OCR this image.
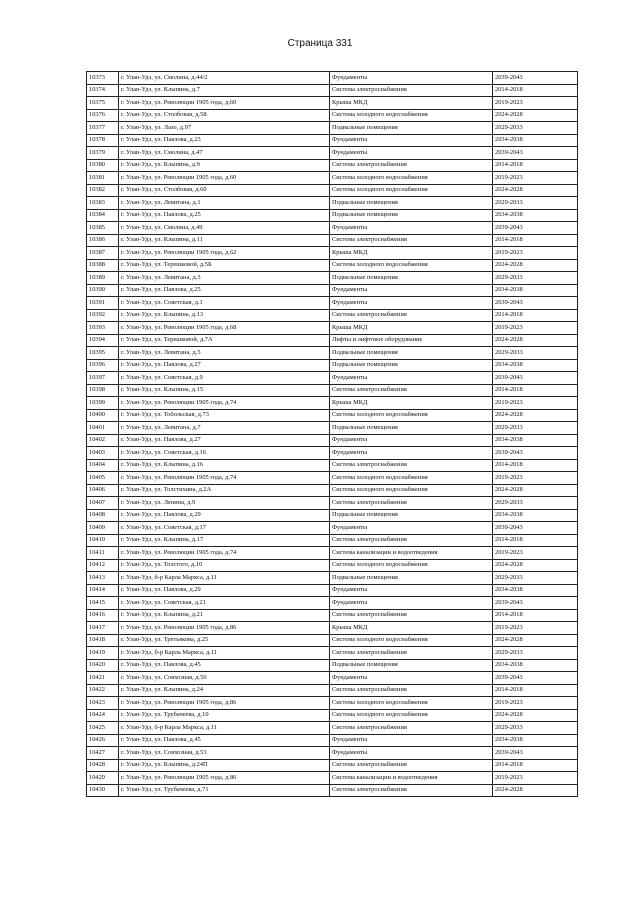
Страница 331
10373	г. Улан-Удэ, ул. Смолина, д.44/2	Фундаменты	2039-2043
10374	г. Улан-Удэ, ул. Клыпина, д.7	Система электроснабжения	2014-2018
10375	г. Улан-Удэ, ул. Революции 1905 года, д.60	Крыша МКД	2019-2023
10376	г. Улан-Удэ, ул. Столбовая, д.58	Система холодного водоснабжения	2024-2028
10377	г. Улан-Удэ, ул. Лазо, д.97	Подвальные помещения	2029-2033
10378	г. Улан-Удэ, ул. Павлова, д.23	Фундаменты	2034-2038
10379	г. Улан-Удэ, ул. Смолина, д.47	Фундаменты	2039-2043
10380	г. Улан-Удэ, ул. Клыпина, д.9	Система электроснабжения	2014-2018
10381	г. Улан-Удэ, ул. Революции 1905 года, д.60	Система холодного водоснабжения	2019-2023
10382	г. Улан-Удэ, ул. Столбовая, д.60	Система холодного водоснабжения	2024-2028
10383	г. Улан-Удэ, ул. Левитана, д.1	Подвальные помещения	2029-2033
10384	г. Улан-Удэ, ул. Павлова, д.25	Подвальные помещения	2034-2038
10385	г. Улан-Удэ, ул. Смолина, д.49	Фундаменты	2039-2043
10386	г. Улан-Удэ, ул. Клыпина, д.11	Система электроснабжения	2014-2018
10387	г. Улан-Удэ, ул. Революции 1905 года, д.62	Крыша МКД	2019-2023
10388	г. Улан-Удэ, ул. Терешковой, д.5Б	Система холодного водоснабжения	2024-2028
10389	г. Улан-Удэ, ул. Левитана, д.3	Подвальные помещения	2029-2033
10390	г. Улан-Удэ, ул. Павлова, д.25	Фундаменты	2034-2038
10391	г. Улан-Удэ, ул. Советская, д.1	Фундаменты	2039-2043
10392	г. Улан-Удэ, ул. Клыпина, д.13	Система электроснабжения	2014-2018
10393	г. Улан-Удэ, ул. Революции 1905 года, д.68	Крыша МКД	2019-2023
10394	г. Улан-Удэ, ул. Терешковой, д.7А	Лифты и лифтовое оборудование	2024-2028
10395	г. Улан-Удэ, ул. Левитана, д.5	Подвальные помещения	2029-2033
10396	г. Улан-Удэ, ул. Павлова, д.27	Подвальные помещения	2034-2038
10397	г. Улан-Удэ, ул. Советская, д.9	Фундаменты	2039-2043
10398	г. Улан-Удэ, ул. Клыпина, д.15	Система электроснабжения	2014-2018
10399	г. Улан-Удэ, ул. Революции 1905 года, д.74	Крыша МКД	2019-2023
10400	г. Улан-Удэ, ул. Тобольская, д.73	Система холодного водоснабжения	2024-2028
10401	г. Улан-Удэ, ул. Левитана, д.7	Подвальные помещения	2029-2033
10402	г. Улан-Удэ, ул. Павлова, д.27	Фундаменты	2034-2038
10403	г. Улан-Удэ, ул. Советская, д.16	Фундаменты	2039-2043
10404	г. Улан-Удэ, ул. Клыпина, д.16	Система электроснабжения	2014-2018
10405	г. Улан-Удэ, ул. Революции 1905 года, д.74	Система холодного водоснабжения	2019-2023
10406	г. Улан-Удэ, ул. Толстихина, д.2А	Система холодного водоснабжения	2024-2028
10407	г. Улан-Удэ, ул. Ленина, д.9	Система электроснабжения	2029-2033
10408	г. Улан-Удэ, ул. Павлова, д.29	Подвальные помещения	2034-2038
10409	г. Улан-Удэ, ул. Советская, д.17	Фундаменты	2039-2043
10410	г. Улан-Удэ, ул. Клыпина, д.17	Система электроснабжения	2014-2018
10411	г. Улан-Удэ, ул. Революции 1905 года, д.74	Система канализации и водоотведения	2019-2023
10412	г. Улан-Удэ, ул. Толстого, д.10	Система холодного водоснабжения	2024-2028
10413	г. Улан-Удэ, б-р Карла Маркса, д.11	Подвальные помещения	2029-2033
10414	г. Улан-Удэ, ул. Павлова, д.29	Фундаменты	2034-2038
10415	г. Улан-Удэ, ул. Советская, д.21	Фундаменты	2039-2043
10416	г. Улан-Удэ, ул. Клыпина, д.21	Система электроснабжения	2014-2018
10417	г. Улан-Удэ, ул. Революции 1905 года, д.86	Крыша МКД	2019-2023
10418	г. Улан-Удэ, ул. Третьякова, д.25	Система холодного водоснабжения	2024-2028
10419	г. Улан-Удэ, б-р Карла Маркса, д.11	Система электроснабжения	2029-2033
10420	г. Улан-Удэ, ул. Павлова, д.45	Подвальные помещения	2034-2038
10421	г. Улан-Удэ, ул. Совхозная, д.50	Фундаменты	2039-2043
10422	г. Улан-Удэ, ул. Клыпина, д.24	Система электроснабжения	2014-2018
10423	г. Улан-Удэ, ул. Революции 1905 года, д.86	Система холодного водоснабжения	2019-2023
10424	г. Улан-Удэ, ул. Трубачеева, д.10	Система холодного водоснабжения	2024-2028
10425	г. Улан-Удэ, б-р Карла Маркса, д.11	Система электроснабжения	2029-2033
10426	г. Улан-Удэ, ул. Павлова, д.45	Фундаменты	2034-2038
10427	г. Улан-Удэ, ул. Совхозная, д.53	Фундаменты	2039-2043
10428	г. Улан-Удэ, ул. Клыпина, д.24П	Система электроснабжения	2014-2018
10429	г. Улан-Удэ, ул. Революции 1905 года, д.86	Система канализации и водоотведения	2019-2023
10430	г. Улан-Удэ, ул. Трубачеева, д.71	Система электроснабжения	2024-2028
